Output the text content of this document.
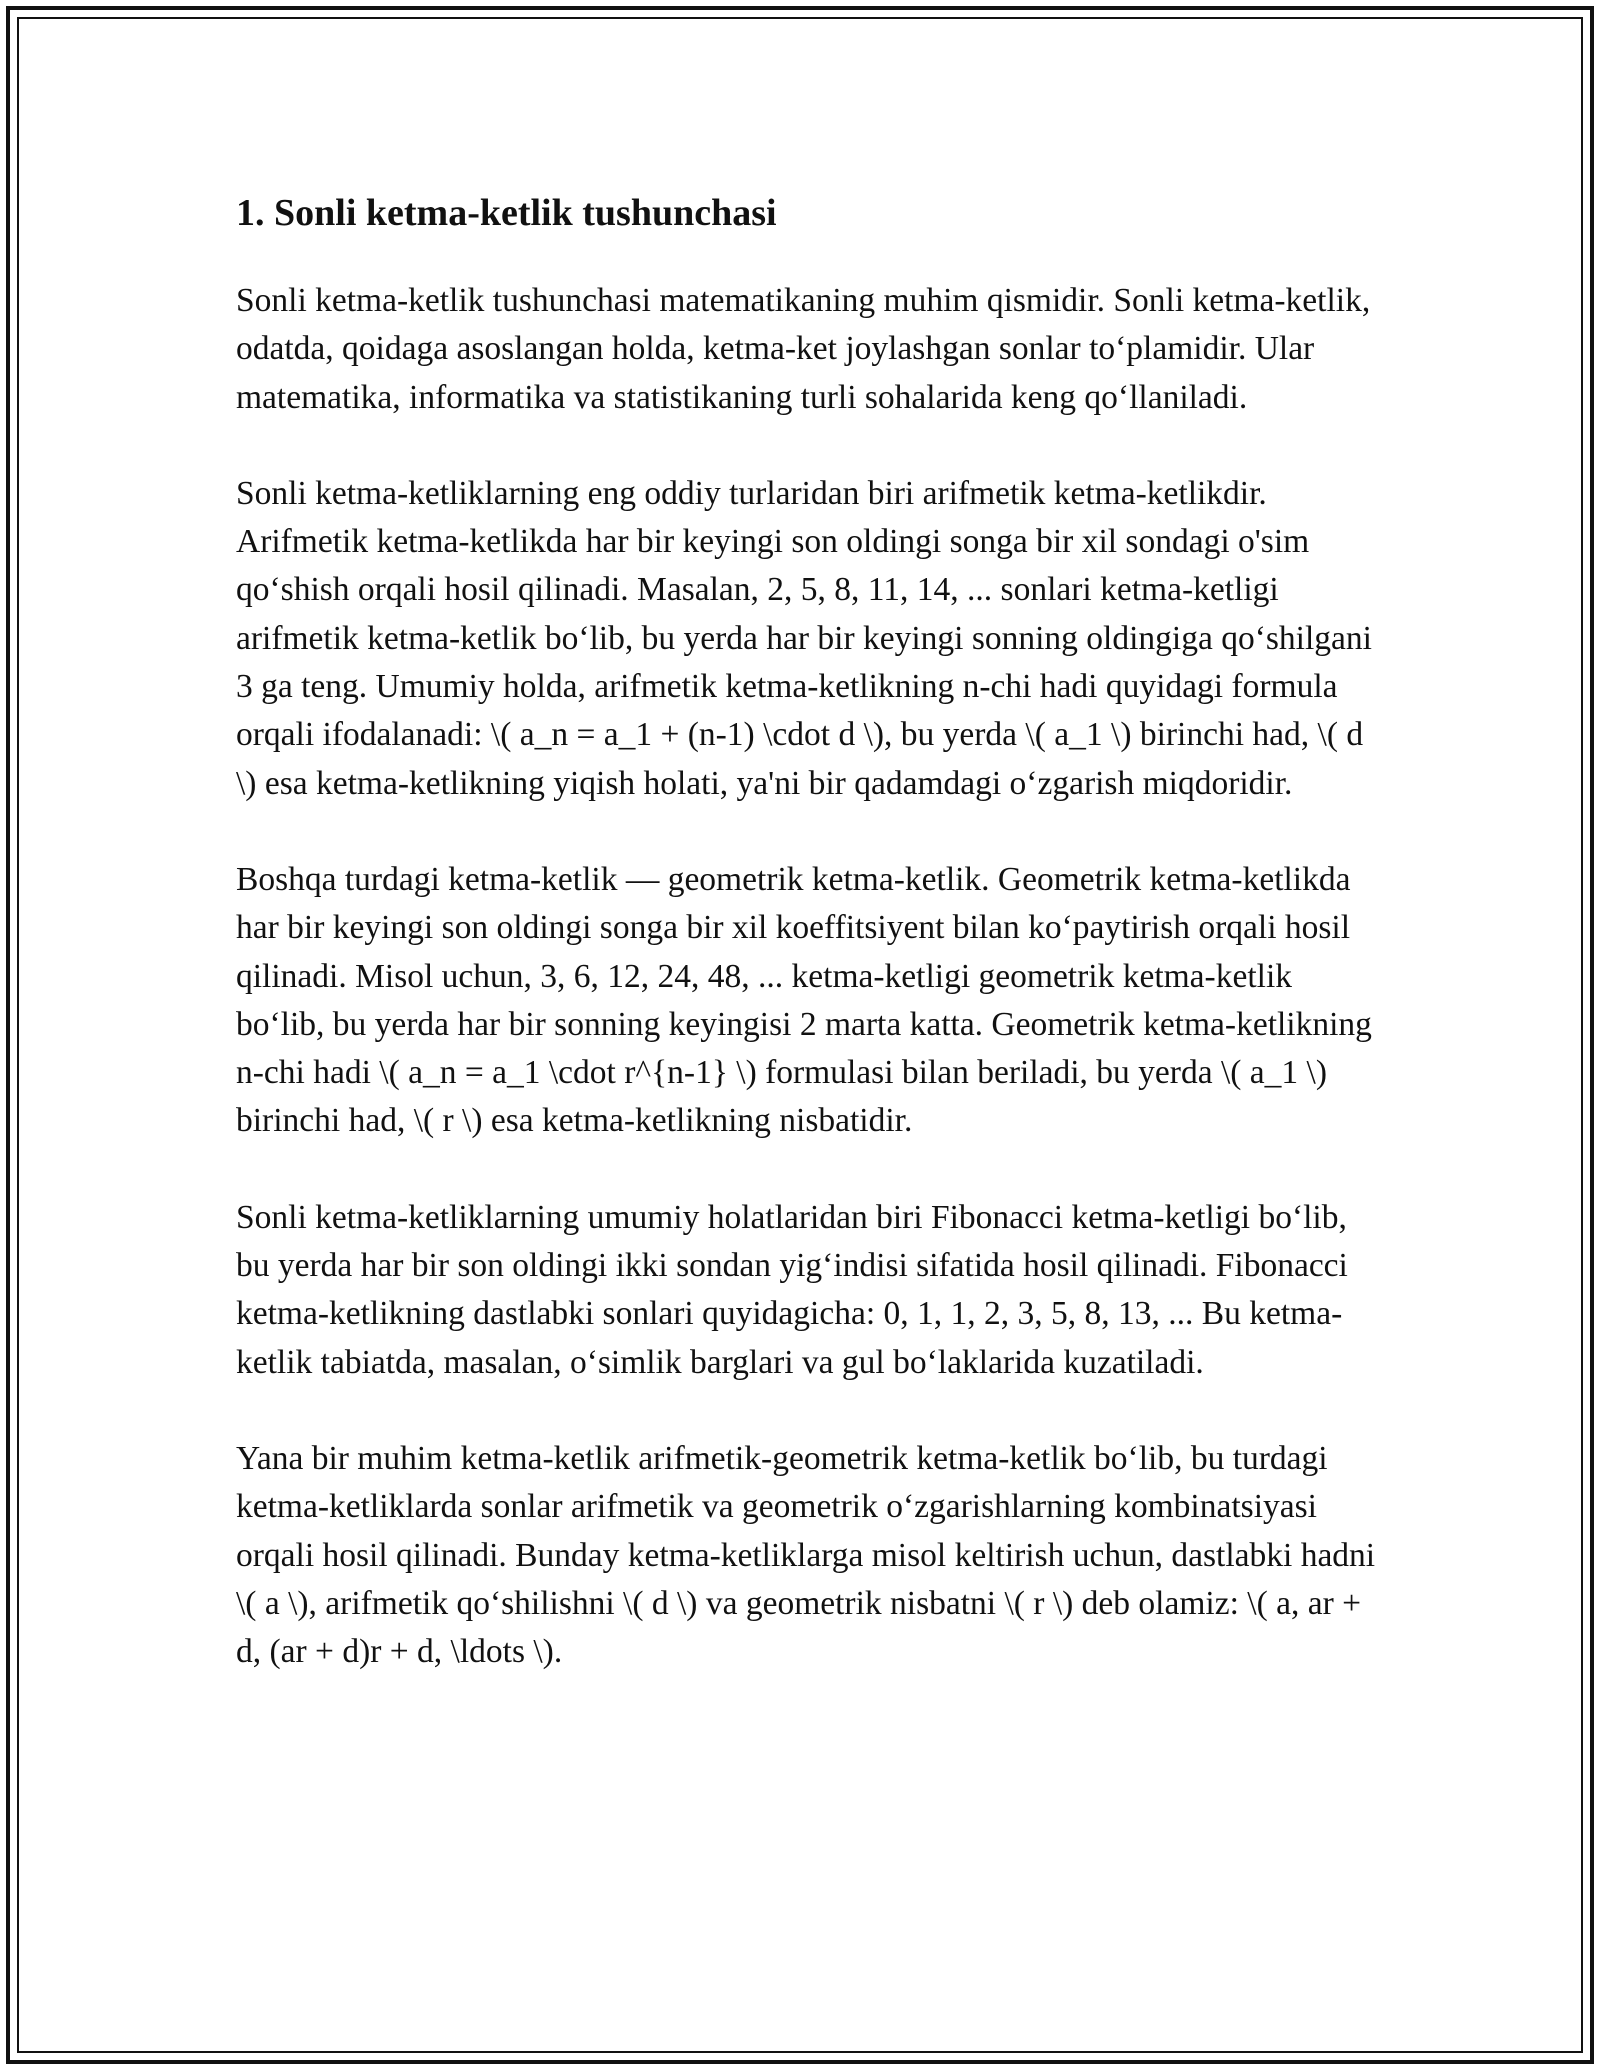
1. Sonli ketma-ketlik tushunchasi

Sonli ketma-ketlik tushunchasi matematikaning muhim qismidir. Sonli ketma-ketlik, odatda, qoidaga asoslangan holda, ketma-ket joylashgan sonlar to‘plamidir. Ular matematika, informatika va statistikaning turli sohalarida keng qo‘llaniladi.

Sonli ketma-ketliklarning eng oddiy turlaridan biri arifmetik ketma-ketlikdir. Arifmetik ketma-ketlikda har bir keyingi son oldingi songa bir xil sondagi o'sim qo‘shish orqali hosil qilinadi. Masalan, 2, 5, 8, 11, 14, ... sonlari ketma-ketligi arifmetik ketma-ketlik bo‘lib, bu yerda har bir keyingi sonning oldingiga qo‘shilgani 3 ga teng. Umumiy holda, arifmetik ketma-ketlikning n-chi hadi quyidagi formula orqali ifodalanadi: \( a_n = a_1 + (n-1) \cdot d \), bu yerda \( a_1 \) birinchi had, \( d \) esa ketma-ketlikning yiqish holati, ya'ni bir qadamdagi o‘zgarish miqdoridir.

Boshqa turdagi ketma-ketlik — geometrik ketma-ketlik. Geometrik ketma-ketlikda har bir keyingi son oldingi songa bir xil koeffitsiyent bilan ko‘paytirish orqali hosil qilinadi. Misol uchun, 3, 6, 12, 24, 48, ... ketma-ketligi geometrik ketma-ketlik bo‘lib, bu yerda har bir sonning keyingisi 2 marta katta. Geometrik ketma-ketlikning n-chi hadi \( a_n = a_1 \cdot r^{n-1} \) formulasi bilan beriladi, bu yerda \( a_1 \) birinchi had, \( r \) esa ketma-ketlikning nisbatidir.

Sonli ketma-ketliklarning umumiy holatlaridan biri Fibonacci ketma-ketligi bo‘lib, bu yerda har bir son oldingi ikki sondan yig‘indisi sifatida hosil qilinadi. Fibonacci ketma-ketlikning dastlabki sonlari quyidagicha: 0, 1, 1, 2, 3, 5, 8, 13, ... Bu ketma-ketlik tabiatda, masalan, o‘simlik barglari va gul bo‘laklarida kuzatiladi.

Yana bir muhim ketma-ketlik arifmetik-geometrik ketma-ketlik bo‘lib, bu turdagi ketma-ketliklarda sonlar arifmetik va geometrik o‘zgarishlarning kombinatsiyasi orqali hosil qilinadi. Bunday ketma-ketliklarga misol keltirish uchun, dastlabki hadni \( a \), arifmetik qo‘shilishni \( d \) va geometrik nisbatni \( r \) deb olamiz: \( a, ar + d, (ar + d)r + d, \ldots \).
